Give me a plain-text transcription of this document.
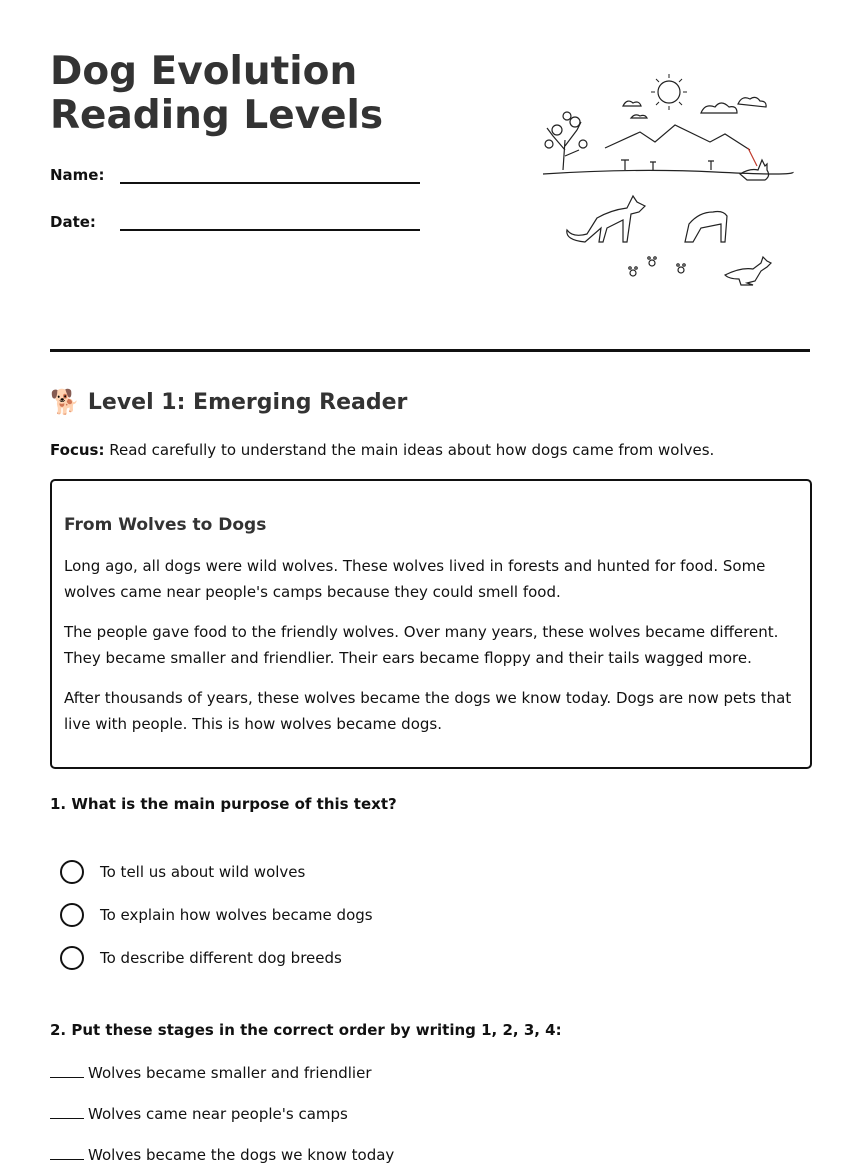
Dog Evolution Reading Levels
Name:
Date:
🐕 Level 1: Emerging Reader
Focus: Read carefully to understand the main ideas about how dogs came from wolves.
From Wolves to Dogs

Long ago, all dogs were wild wolves. These wolves lived in forests and hunted for food. Some wolves came near people's camps because they could smell food.

The people gave food to the friendly wolves. Over many years, these wolves became different. They became smaller and friendlier. Their ears became floppy and their tails wagged more.

After thousands of years, these wolves became the dogs we know today. Dogs are now pets that live with people. This is how wolves became dogs.

1. What is the main purpose of this text?
To tell us about wild wolves
To explain how wolves became dogs
To describe different dog breeds
2. Put these stages in the correct order by writing 1, 2, 3, 4:
Wolves became smaller and friendlier
Wolves came near people's camps
Wolves became the dogs we know today
